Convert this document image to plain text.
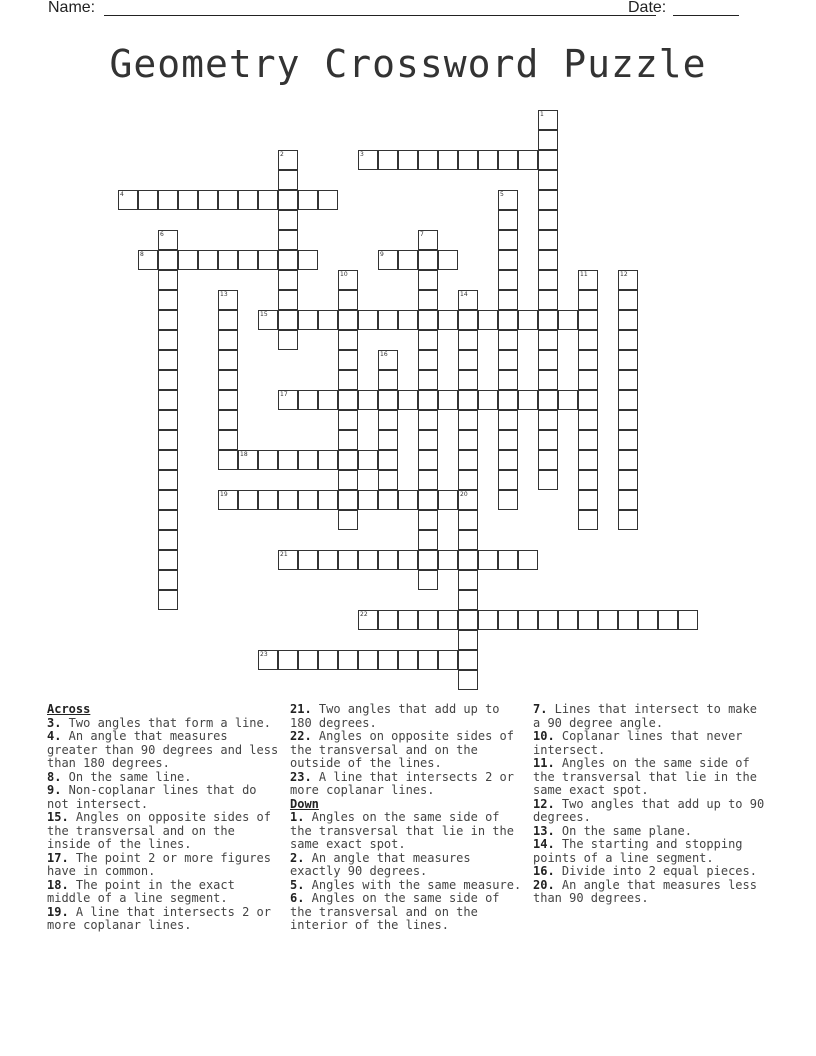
Name:	Date:
Geometry Crossword Puzzle
1
2	3
4	5
6	7
8	9
10	11	12
13	14
15
16
17
18
19	20
21
22
23
Across
3. Two angles that form a line.
4. An angle that measures greater than 90 degrees and less than 180 degrees.
8. On the same line.
9. Non-coplanar lines that do not intersect.
15. Angles on opposite sides of the transversal and on the inside of the lines.
17. The point 2 or more figures have in common.
18. The point in the exact middle of a line segment.
19. A line that intersects 2 or more coplanar lines.
21. Two angles that add up to 180 degrees.
22. Angles on opposite sides of the transversal and on the outside of the lines.
23. A line that intersects 2 or more coplanar lines.
Down
1. Angles on the same side of the transversal that lie in the same exact spot.
2. An angle that measures exactly 90 degrees.
5. Angles with the same measure.
6. Angles on the same side of the transversal and on the interior of the lines.
7. Lines that intersect to make a 90 degree angle.
10. Coplanar lines that never intersect.
11. Angles on the same side of the transversal that lie in the same exact spot.
12. Two angles that add up to 90 degrees.
13. On the same plane.
14. The starting and stopping points of a line segment.
16. Divide into 2 equal pieces.
20. An angle that measures less than 90 degrees.
